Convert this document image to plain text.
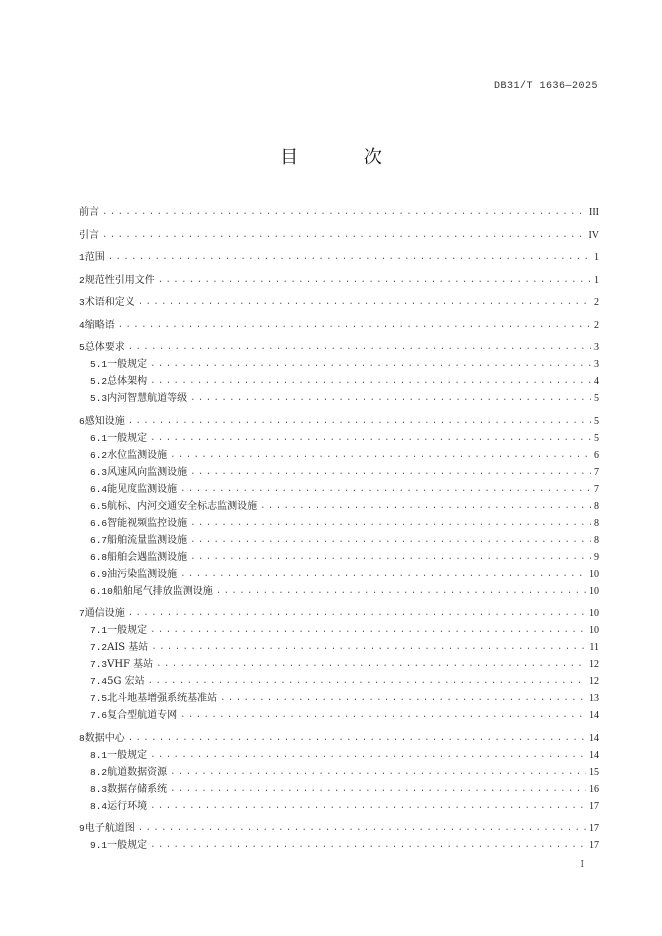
DB31/T 1636—2025
目 次
前言 .....	III
引言 .....	IV
1 范围 .....	1
2 规范性引用文件 .....	1
3 术语和定义 .....	2
4 缩略语 .....	2
5 总体要求 .....	3
5.1 一般规定 .....	3
5.2 总体架构 .....	4
5.3 内河智慧航道等级 .....	5
6 感知设施 .....	5
6.1 一般规定 .....	5
6.2 水位监测设施 .....	6
6.3 风速风向监测设施 .....	7
6.4 能见度监测设施 .....	7
6.5 航标、内河交通安全标志监测设施 .....	8
6.6 智能视频监控设施 .....	8
6.7 船舶流量监测设施 .....	8
6.8 船舶会遇监测设施 .....	9
6.9 油污染监测设施 .....	10
6.10 船舶尾气排放监测设施 .....	10
7 通信设施 .....	10
7.1 一般规定 .....	10
7.2 AIS 基站 .....	11
7.3 VHF 基站 .....	12
7.4 5G 宏站 .....	12
7.5 北斗地基增强系统基准站 .....	13
7.6 复合型航道专网 .....	14
8 数据中心 .....	14
8.1 一般规定 .....	14
8.2 航道数据资源 .....	15
8.3 数据存储系统 .....	16
8.4 运行环境 .....	17
9 电子航道图 .....	17
9.1 一般规定 .....	17
I
